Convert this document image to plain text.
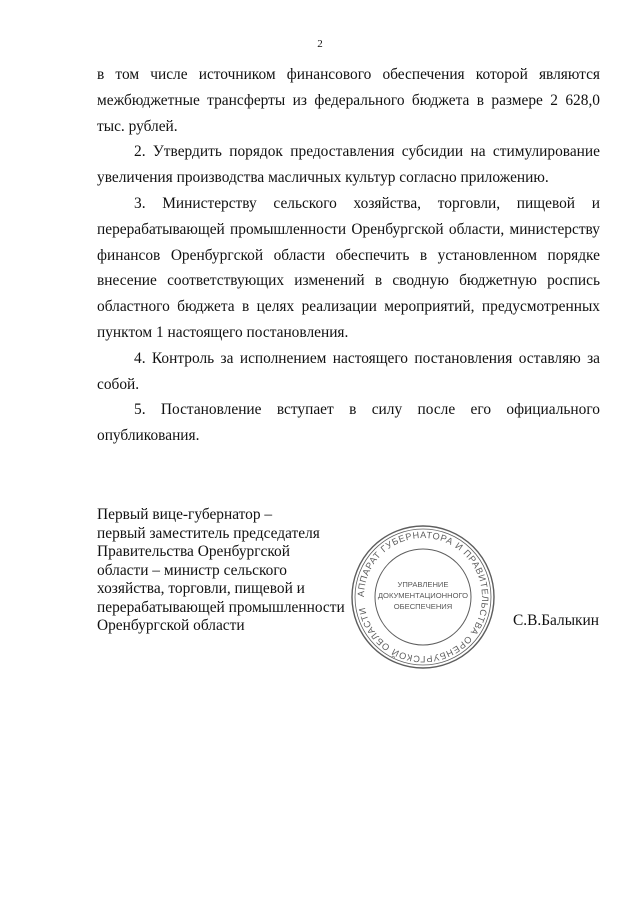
2

в том числе источником финансового обеспечения которой являются межбюджетные трансферты из федерального бюджета в размере 2 628,0 тыс. рублей.

2. Утвердить порядок предоставления субсидии на стимулирование увеличения производства масличных культур согласно приложению.

3. Министерству сельского хозяйства, торговли, пищевой и перерабатывающей промышленности Оренбургской области, министерству финансов Оренбургской области обеспечить в установленном порядке внесение соответствующих изменений в сводную бюджетную роспись областного бюджета в целях реализации мероприятий, предусмотренных пунктом 1 настоящего постановления.

4. Контроль за исполнением настоящего постановления оставляю за собой.

5. Постановление вступает в силу после его официального опубликования.

Первый вице-губернатор –
первый заместитель председателя
Правительства Оренбургской
области – министр сельского
хозяйства, торговли, пищевой и
перерабатывающей промышленности
Оренбургской области	С.В.Балыкин
АППАРАТ ГУБЕРНАТОРА И ПРАВИТЕЛЬСТВА ОРЕНБУРГСКОЙ ОБЛАСТИ
УПРАВЛЕНИЕ
ДОКУМЕНТАЦИОННОГО
ОБЕСПЕЧЕНИЯ
